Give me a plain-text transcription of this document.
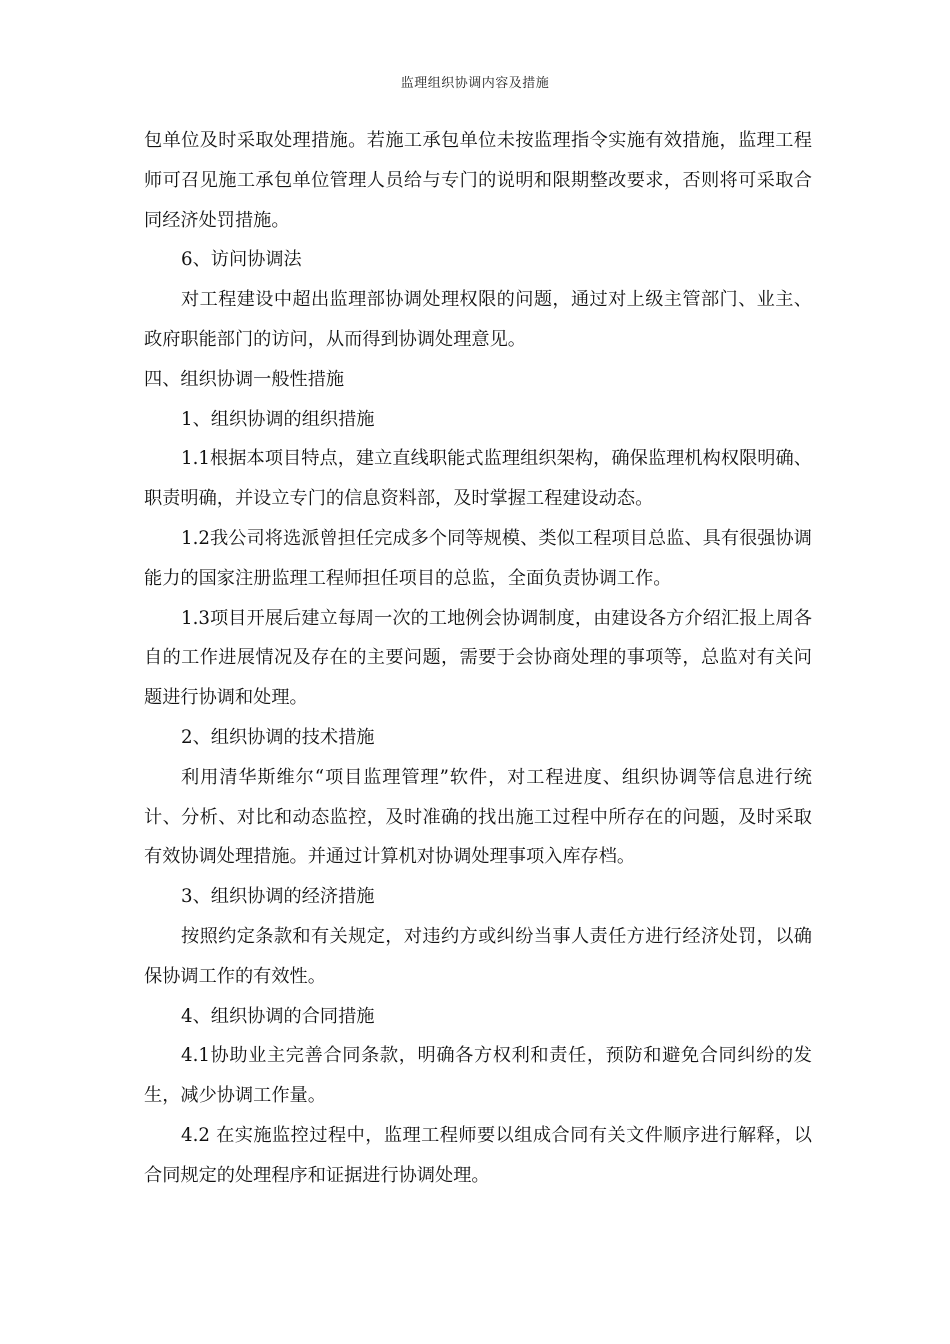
监理组织协调内容及措施

包单位及时采取处理措施。若施工承包单位未按监理指令实施有效措施，监理工程师可召见施工承包单位管理人员给与专门的说明和限期整改要求，否则将可采取合同经济处罚措施。

6、访问协调法

对工程建设中超出监理部协调处理权限的问题，通过对上级主管部门、业主、政府职能部门的访问，从而得到协调处理意见。

四、组织协调一般性措施

1、组织协调的组织措施

1.1根据本项目特点，建立直线职能式监理组织架构，确保监理机构权限明确、职责明确，并设立专门的信息资料部，及时掌握工程建设动态。

1.2我公司将选派曾担任完成多个同等规模、类似工程项目总监、具有很强协调能力的国家注册监理工程师担任项目的总监，全面负责协调工作。

1.3项目开展后建立每周一次的工地例会协调制度，由建设各方介绍汇报上周各自的工作进展情况及存在的主要问题，需要于会协商处理的事项等，总监对有关问题进行协调和处理。

2、组织协调的技术措施

利用清华斯维尔“项目监理管理”软件，对工程进度、组织协调等信息进行统计、分析、对比和动态监控，及时准确的找出施工过程中所存在的问题，及时采取有效协调处理措施。并通过计算机对协调处理事项入库存档。

3、组织协调的经济措施

按照约定条款和有关规定，对违约方或纠纷当事人责任方进行经济处罚，以确保协调工作的有效性。

4、组织协调的合同措施

4.1协助业主完善合同条款，明确各方权利和责任，预防和避免合同纠纷的发生，减少协调工作量。

4.2 在实施监控过程中，监理工程师要以组成合同有关文件顺序进行解释，以合同规定的处理程序和证据进行协调处理。
